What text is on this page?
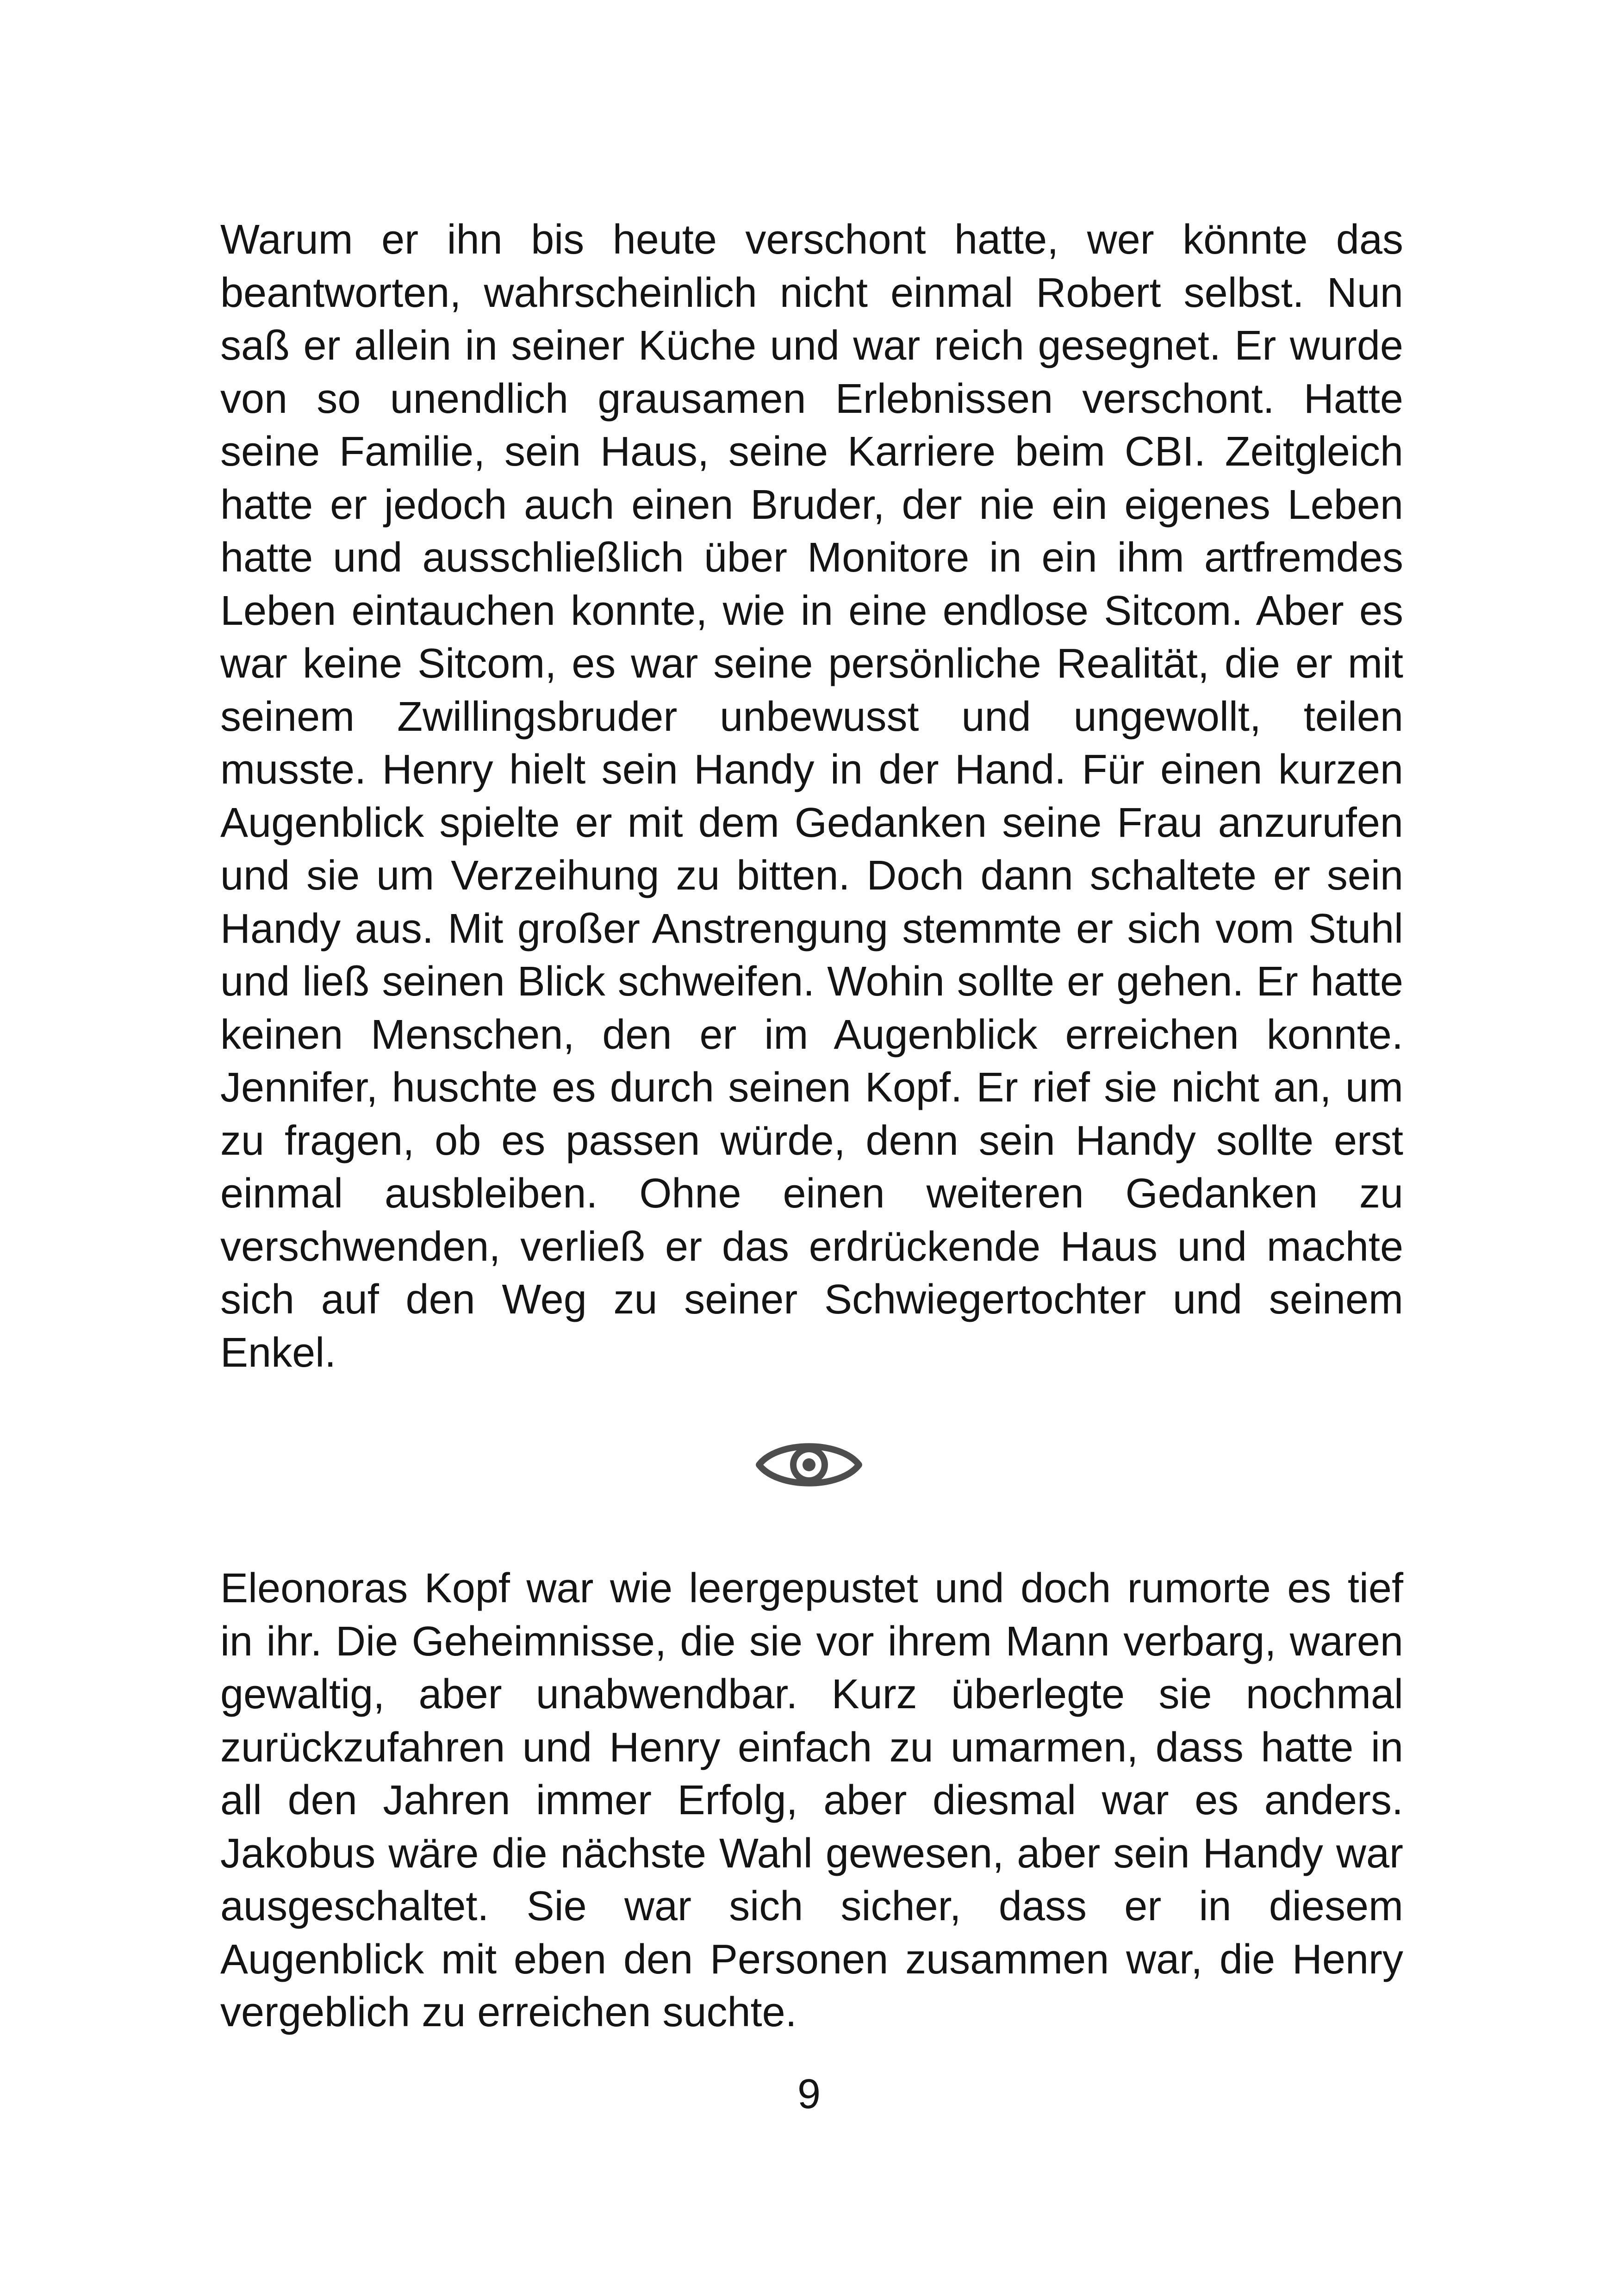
Warum er ihn bis heute verschont hatte, wer könnte das
beantworten, wahrscheinlich nicht einmal Robert selbst. Nun
saß er allein in seiner Küche und war reich gesegnet. Er wurde
von so unendlich grausamen Erlebnissen verschont. Hatte
seine Familie, sein Haus, seine Karriere beim CBI. Zeitgleich
hatte er jedoch auch einen Bruder, der nie ein eigenes Leben
hatte und ausschließlich über Monitore in ein ihm artfremdes
Leben eintauchen konnte, wie in eine endlose Sitcom. Aber es
war keine Sitcom, es war seine persönliche Realität, die er mit
seinem Zwillingsbruder unbewusst und ungewollt, teilen
musste. Henry hielt sein Handy in der Hand. Für einen kurzen
Augenblick spielte er mit dem Gedanken seine Frau anzurufen
und sie um Verzeihung zu bitten. Doch dann schaltete er sein
Handy aus. Mit großer Anstrengung stemmte er sich vom Stuhl
und ließ seinen Blick schweifen. Wohin sollte er gehen. Er hatte
keinen Menschen, den er im Augenblick erreichen konnte.
Jennifer, huschte es durch seinen Kopf. Er rief sie nicht an, um
zu fragen, ob es passen würde, denn sein Handy sollte erst
einmal ausbleiben. Ohne einen weiteren Gedanken zu
verschwenden, verließ er das erdrückende Haus und machte
sich auf den Weg zu seiner Schwiegertochter und seinem
Enkel.
Eleonoras Kopf war wie leergepustet und doch rumorte es tief
in ihr. Die Geheimnisse, die sie vor ihrem Mann verbarg, waren
gewaltig, aber unabwendbar. Kurz überlegte sie nochmal
zurückzufahren und Henry einfach zu umarmen, dass hatte in
all den Jahren immer Erfolg, aber diesmal war es anders.
Jakobus wäre die nächste Wahl gewesen, aber sein Handy war
ausgeschaltet. Sie war sich sicher, dass er in diesem
Augenblick mit eben den Personen zusammen war, die Henry
vergeblich zu erreichen suchte.
9
